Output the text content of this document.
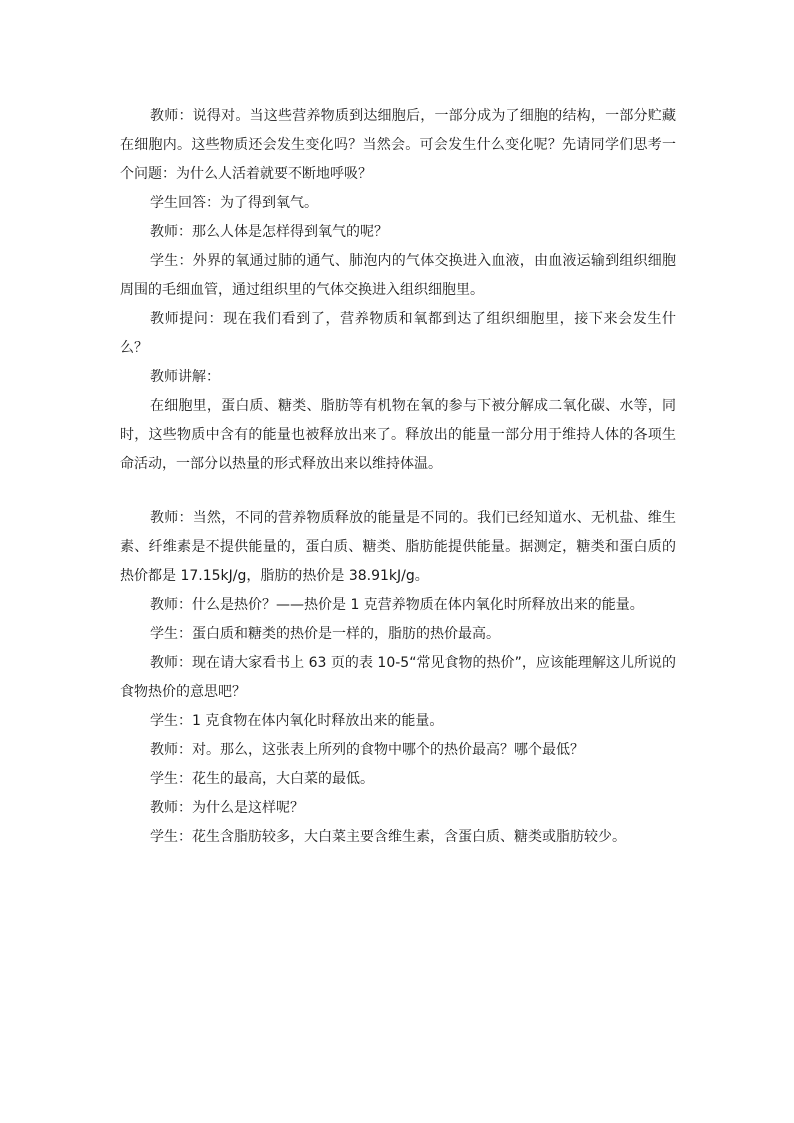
教师：说得对。当这些营养物质到达细胞后，一部分成为了细胞的结构，一部分贮藏在细胞内。这些物质还会发生变化吗？当然会。可会发生什么变化呢？先请同学们思考一个问题：为什么人活着就要不断地呼吸？

学生回答：为了得到氧气。

教师：那么人体是怎样得到氧气的呢？

学生：外界的氧通过肺的通气、肺泡内的气体交换进入血液，由血液运输到组织细胞周围的毛细血管，通过组织里的气体交换进入组织细胞里。

教师提问：现在我们看到了，营养物质和氧都到达了组织细胞里，接下来会发生什么？

教师讲解：

在细胞里，蛋白质、糖类、脂肪等有机物在氧的参与下被分解成二氧化碳、水等，同时，这些物质中含有的能量也被释放出来了。释放出的能量一部分用于维持人体的各项生命活动，一部分以热量的形式释放出来以维持体温。

教师：当然，不同的营养物质释放的能量是不同的。我们已经知道水、无机盐、维生素、纤维素是不提供能量的，蛋白质、糖类、脂肪能提供能量。据测定，糖类和蛋白质的热价都是 17.15kJ/g，脂肪的热价是 38.91kJ/g。

教师：什么是热价？——热价是 1 克营养物质在体内氧化时所释放出来的能量。

学生：蛋白质和糖类的热价是一样的，脂肪的热价最高。

教师：现在请大家看书上 63 页的表 10-5“常见食物的热价”，应该能理解这儿所说的食物热价的意思吧？

学生：1 克食物在体内氧化时释放出来的能量。

教师：对。那么，这张表上所列的食物中哪个的热价最高？哪个最低？

学生：花生的最高，大白菜的最低。

教师：为什么是这样呢？

学生：花生含脂肪较多，大白菜主要含维生素，含蛋白质、糖类或脂肪较少。
